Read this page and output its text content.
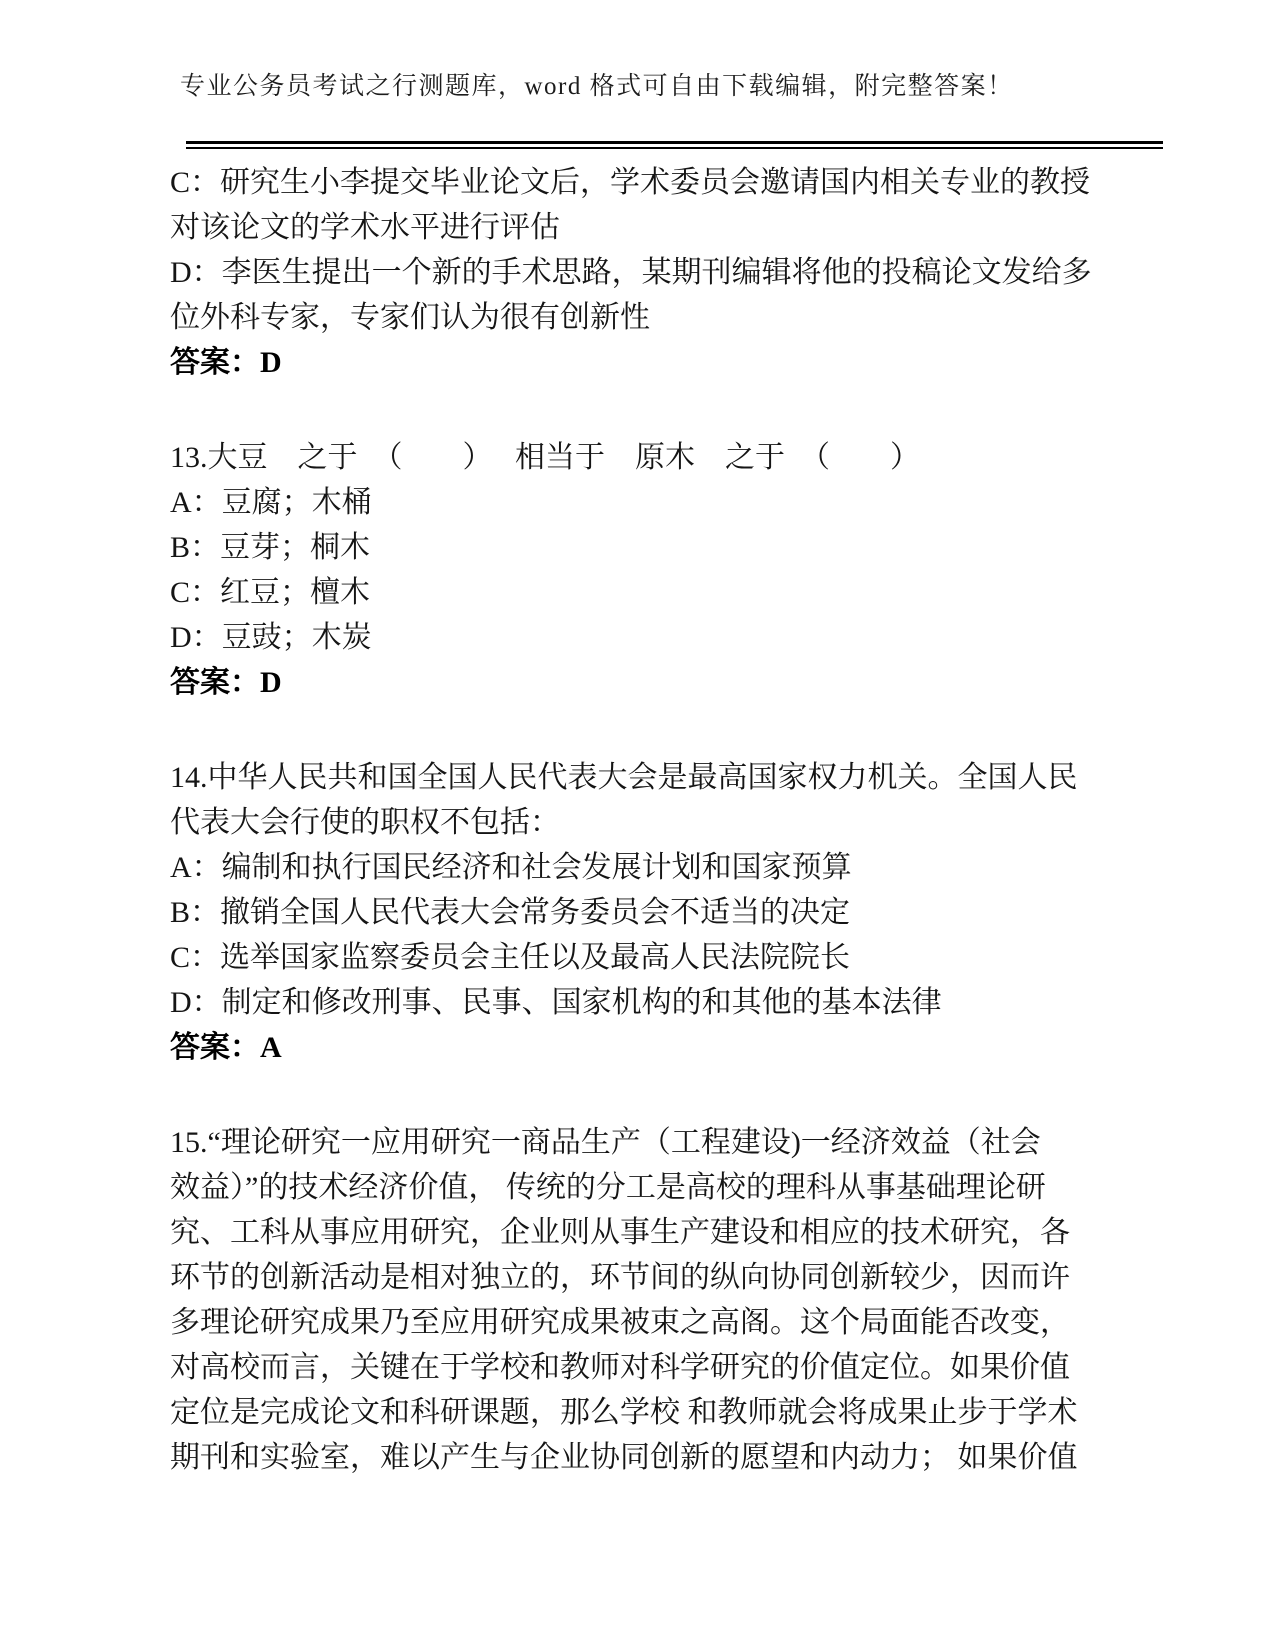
专业公务员考试之行测题库，word 格式可自由下载编辑，附完整答案！
C：研究生小李提交毕业论文后，学术委员会邀请国内相关专业的教授
对该论文的学术水平进行评估
D：李医生提出一个新的手术思路，某期刊编辑将他的投稿论文发给多
位外科专家，专家们认为很有创新性
答案：D
13.大豆　之于　（　　）　 相当于　原木　之于　（　　）
A：豆腐；木桶
B：豆芽；桐木
C：红豆；檀木
D：豆豉；木炭
答案：D
14.中华人民共和国全国人民代表大会是最高国家权力机关。全国人民
代表大会行使的职权不包括：
A：编制和执行国民经济和社会发展计划和国家预算
B：撤销全国人民代表大会常务委员会不适当的决定
C：选举国家监察委员会主任以及最高人民法院院长
D：制定和修改刑事、民事、国家机构的和其他的基本法律
答案：A
15.“理论研究一应用研究一商品生产（工程建设)一经济效益（社会
效益）”的技术经济价值， 传统的分工是高校的理科从事基础理论研
究、工科从事应用研究，企业则从事生产建设和相应的技术研究，各
环节的创新活动是相对独立的，环节间的纵向协同创新较少，因而许
多理论研究成果乃至应用研究成果被束之高阁。这个局面能否改变，
对高校而言，关键在于学校和教师对科学研究的价值定位。如果价值
定位是完成论文和科研课题，那么学校 和教师就会将成果止步于学术
期刊和实验室，难以产生与企业协同创新的愿望和内动力； 如果价值
